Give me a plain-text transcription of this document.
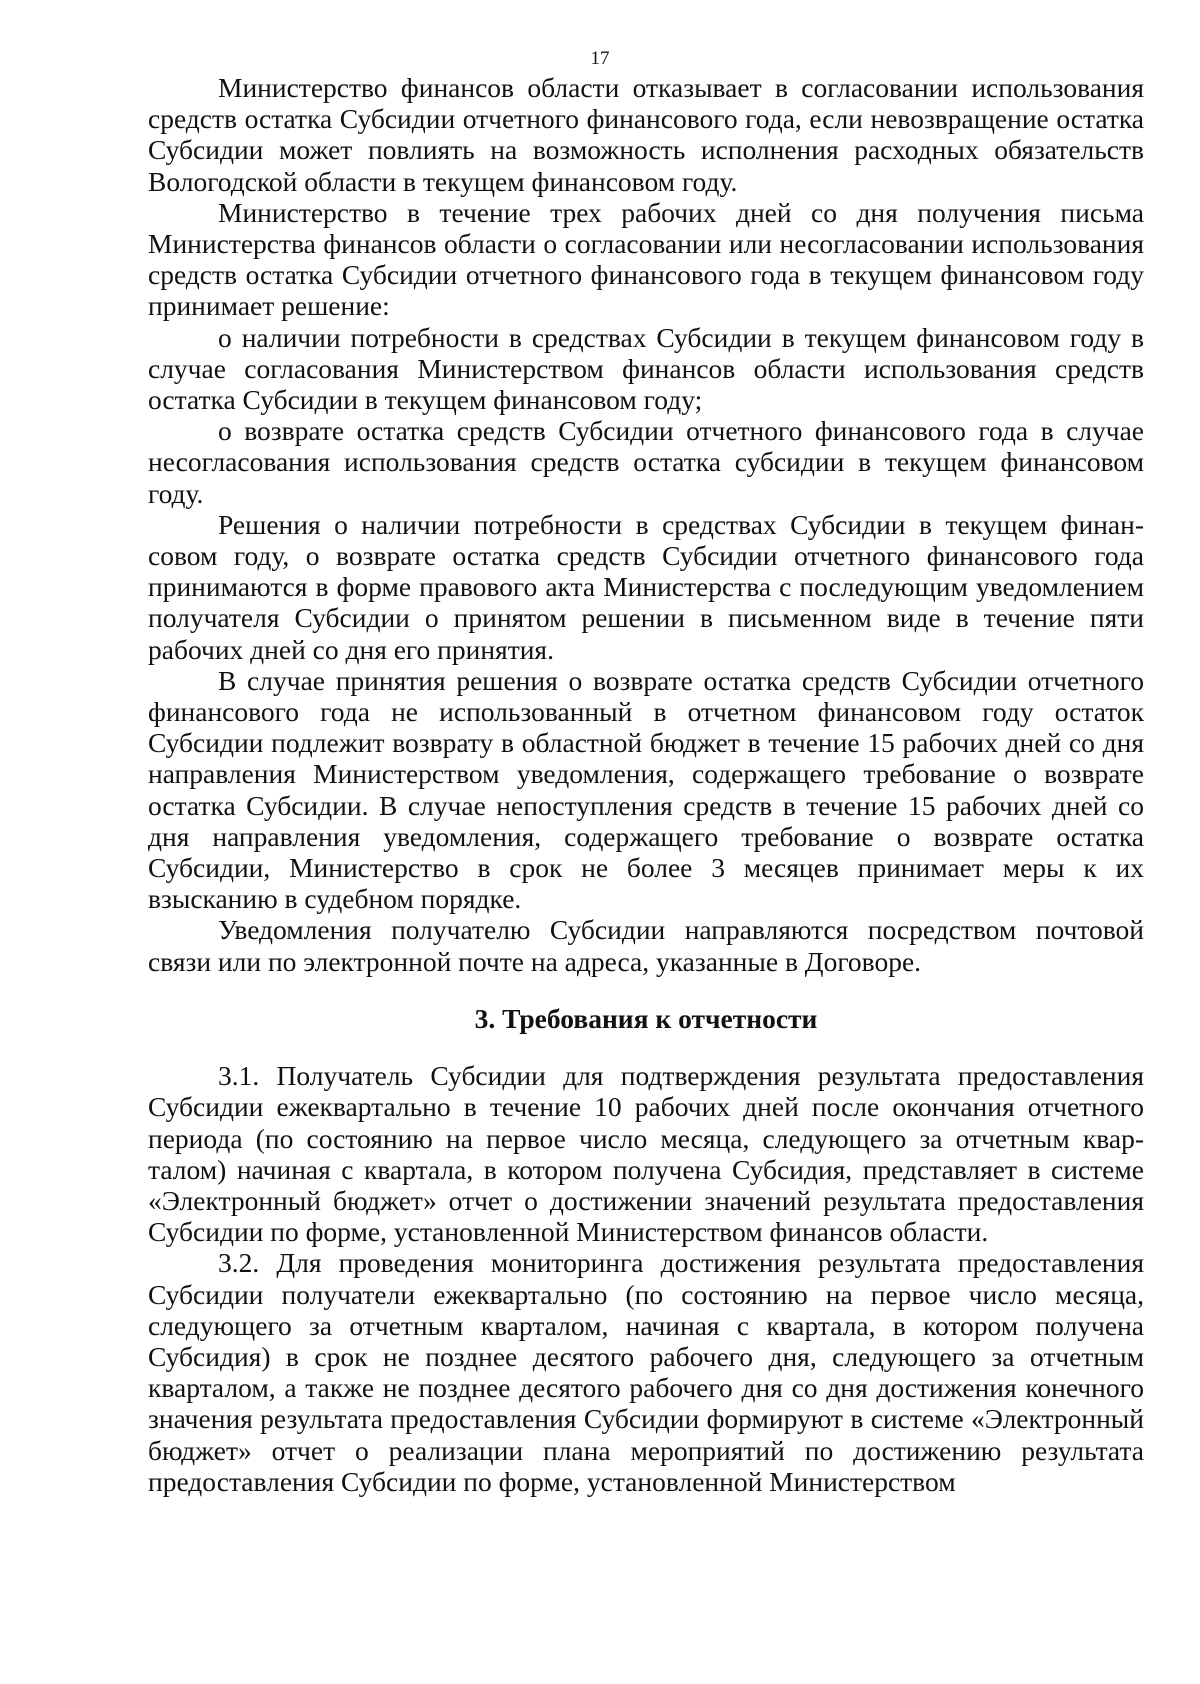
17

Министерство финансов области отказывает в согласовании использования средств остатка Субсидии отчетного финансового года, если невозвращение остатка Субсидии может повлиять на возможность исполнения расходных обязательств Вологодской области в текущем финансовом году.

Министерство в течение трех рабочих дней со дня получения письма Министерства финансов области о согласовании или несогласовании использования средств остатка Субсидии отчетного финансового года в текущем финансовом году принимает решение:

о наличии потребности в средствах Субсидии в текущем финансовом году в случае согласования Министерством финансов области использования средств остатка Субсидии в текущем финансовом году;

о возврате остатка средств Субсидии отчетного финансового года в случае несогласования использования средств остатка субсидии в текущем финансовом году.

Решения о наличии потребности в средствах Субсидии в текущем финансовом году, о возврате остатка средств Субсидии отчетного финансового года принимаются в форме правового акта Министерства с последующим уведомлением получателя Субсидии о принятом решении в письменном виде в течение пяти рабочих дней со дня его принятия.

В случае принятия решения о возврате остатка средств Субсидии отчетного финансового года не использованный в отчетном финансовом году остаток Субсидии подлежит возврату в областной бюджет в течение 15 рабочих дней со дня направления Министерством уведомления, содержащего требование о возврате остатка Субсидии. В случае непоступления средств в течение 15 рабочих дней со дня направления уведомления, содержащего требование о возврате остатка Субсидии, Министерство в срок не более 3 месяцев принимает меры к их взысканию в судебном порядке.

Уведомления получателю Субсидии направляются посредством почтовой связи или по электронной почте на адреса, указанные в Договоре.

3. Требования к отчетности

3.1. Получатель Субсидии для подтверждения результата предоставления Субсидии ежеквартально в течение 10 рабочих дней после окончания отчетного периода (по состоянию на первое число месяца, следующего за отчетным кварталом) начиная с квартала, в котором получена Субсидия, представляет в системе «Электронный бюджет» отчет о достижении значений результата предоставления Субсидии по форме, установленной Министерством финансов области.

3.2. Для проведения мониторинга достижения результата предоставления Субсидии получатели ежеквартально (по состоянию на первое число месяца, следующего за отчетным кварталом, начиная с квартала, в котором получена Субсидия) в срок не позднее десятого рабочего дня, следующего за отчетным кварталом, а также не позднее десятого рабочего дня со дня достижения конечного значения результата предоставления Субсидии формируют в системе «Электронный бюджет» отчет о реализации плана мероприятий по достижению результата предоставления Субсидии по форме, установленной Министерством
